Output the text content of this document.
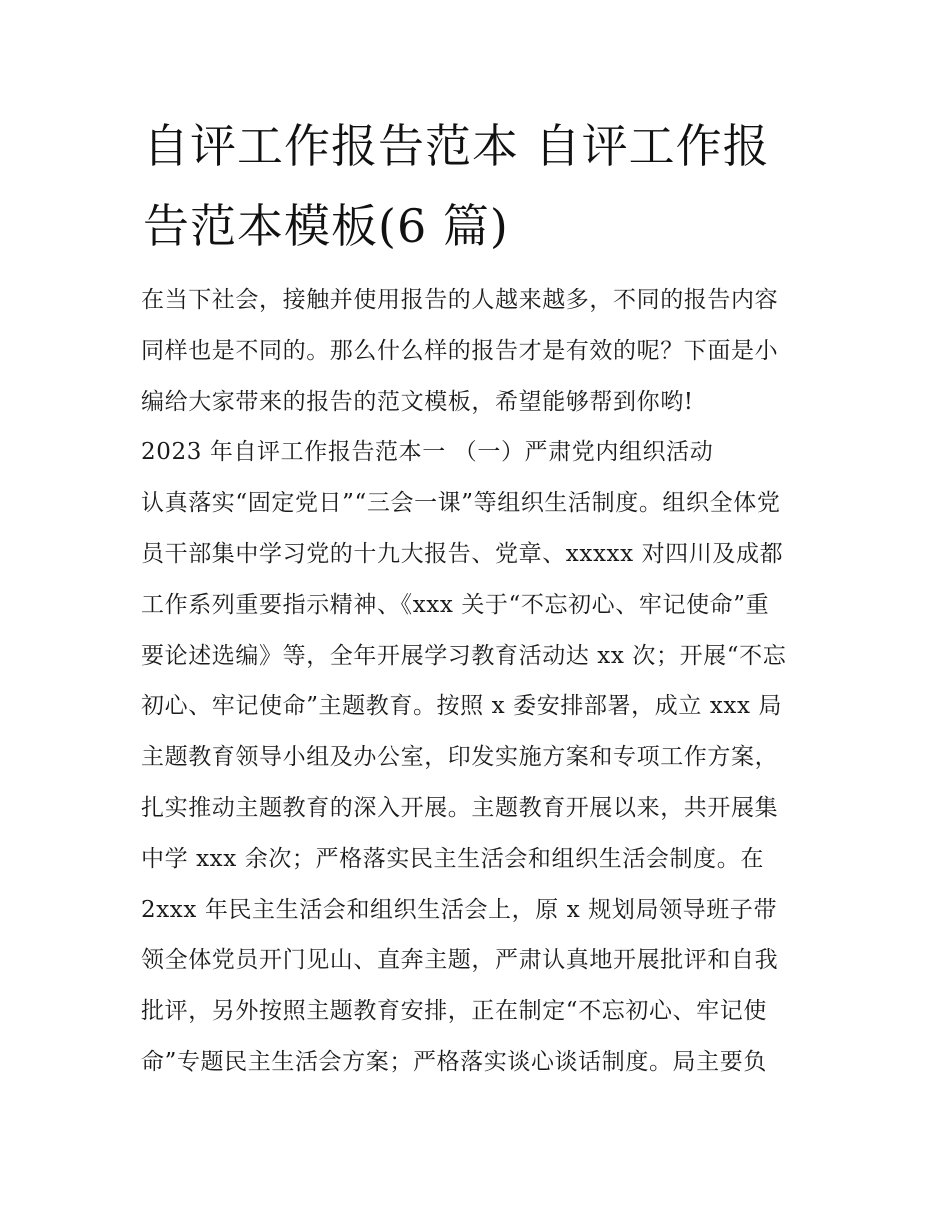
自评工作报告范本 自评工作报
告范本模板(6 篇)
在当下社会，接触并使用报告的人越来越多，不同的报告内容
同样也是不同的。那么什么样的报告才是有效的呢？下面是小
编给大家带来的报告的范文模板，希望能够帮到你哟!
2023 年自评工作报告范本一 （一）严肃党内组织活动
认真落实“固定党日”“三会一课”等组织生活制度。组织全体党
员干部集中学习党的十九大报告、党章、xxxxx 对四川及成都
工作系列重要指示精神、《xxx 关于“不忘初心、牢记使命”重
要论述选编》等，全年开展学习教育活动达 xx 次；开展“不忘
初心、牢记使命”主题教育。按照 x 委安排部署，成立 xxx 局
主题教育领导小组及办公室，印发实施方案和专项工作方案，
扎实推动主题教育的深入开展。主题教育开展以来，共开展集
中学 xxx 余次；严格落实民主生活会和组织生活会制度。在
2xxx 年民主生活会和组织生活会上，原 x 规划局领导班子带
领全体党员开门见山、直奔主题，严肃认真地开展批评和自我
批评，另外按照主题教育安排，正在制定“不忘初心、牢记使
命”专题民主生活会方案；严格落实谈心谈话制度。局主要负
